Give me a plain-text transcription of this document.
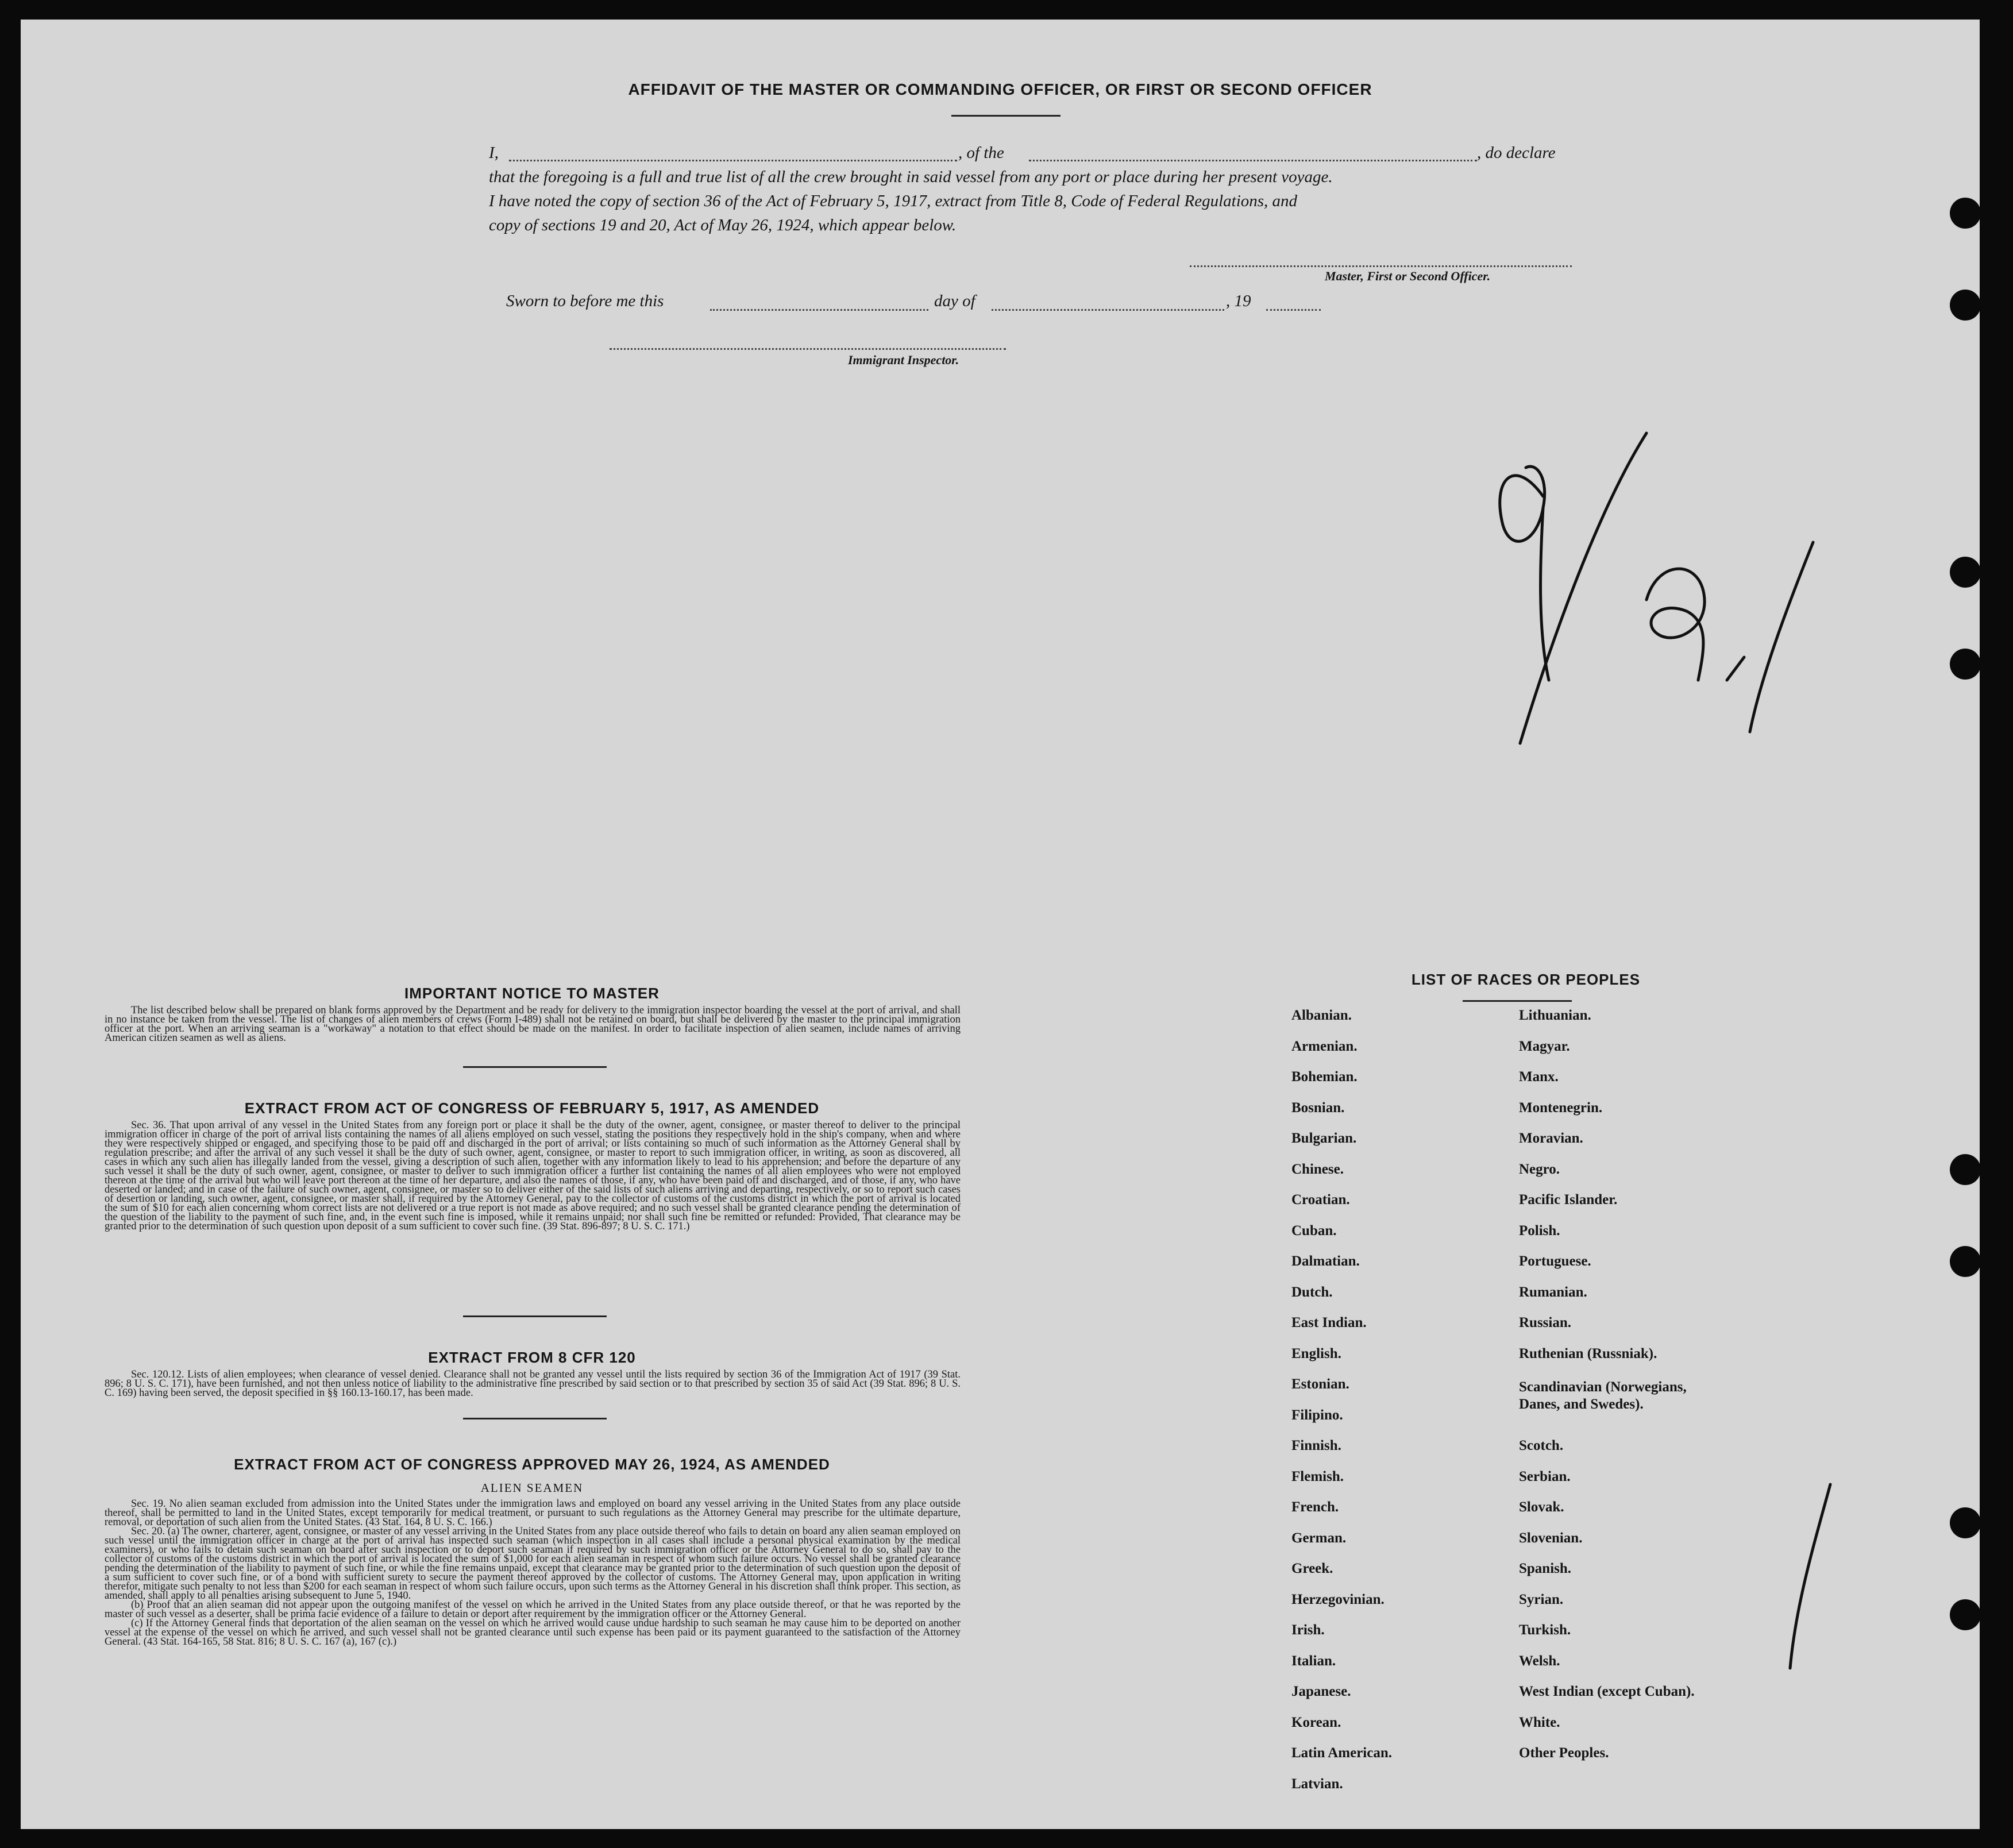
AFFIDAVIT OF THE MASTER OR COMMANDING OFFICER, OR FIRST OR SECOND OFFICER
I,	, of the	, do declare
that the foregoing is a full and true list of all the crew brought in said vessel from any port or place during her present voyage.
I have noted the copy of section 36 of the Act of February 5, 1917, extract from Title 8, Code of Federal Regulations, and
copy of sections 19 and 20, Act of May 26, 1924, which appear below.
Master, First or Second Officer.
Sworn to before me this	day of	, 19
Immigrant Inspector.
IMPORTANT NOTICE TO MASTER

The list described below shall be prepared on blank forms approved by the Department and be ready for delivery to the immigration inspector boarding the vessel at the port of arrival, and shall in no instance be taken from the vessel. The list of changes of alien members of crews (Form I-489) shall not be retained on board, but shall be delivered by the master to the principal immigration officer at the port. When an arriving seaman is a "workaway" a notation to that effect should be made on the manifest. In order to facilitate inspection of alien seamen, include names of arriving American citizen seamen as well as aliens.

EXTRACT FROM ACT OF CONGRESS OF FEBRUARY 5, 1917, AS AMENDED

Sec. 36. That upon arrival of any vessel in the United States from any foreign port or place it shall be the duty of the owner, agent, consignee, or master thereof to deliver to the principal immigration officer in charge of the port of arrival lists containing the names of all aliens employed on such vessel, stating the positions they respectively hold in the ship's company, when and where they were respectively shipped or engaged, and specifying those to be paid off and discharged in the port of arrival; or lists containing so much of such information as the Attorney General shall by regulation prescribe; and after the arrival of any such vessel it shall be the duty of such owner, agent, consignee, or master to report to such immigration officer, in writing, as soon as discovered, all cases in which any such alien has illegally landed from the vessel, giving a description of such alien, together with any information likely to lead to his apprehension; and before the departure of any such vessel it shall be the duty of such owner, agent, consignee, or master to deliver to such immigration officer a further list containing the names of all alien employees who were not employed thereon at the time of the arrival but who will leave port thereon at the time of her departure, and also the names of those, if any, who have been paid off and discharged, and of those, if any, who have deserted or landed; and in case of the failure of such owner, agent, consignee, or master so to deliver either of the said lists of such aliens arriving and departing, respectively, or so to report such cases of desertion or landing, such owner, agent, consignee, or master shall, if required by the Attorney General, pay to the collector of customs of the customs district in which the port of arrival is located the sum of $10 for each alien concerning whom correct lists are not delivered or a true report is not made as above required; and no such vessel shall be granted clearance pending the determination of the question of the liability to the payment of such fine, and, in the event such fine is imposed, while it remains unpaid; nor shall such fine be remitted or refunded: Provided, That clearance may be granted prior to the determination of such question upon deposit of a sum sufficient to cover such fine. (39 Stat. 896-897; 8 U. S. C. 171.)

EXTRACT FROM 8 CFR 120

Sec. 120.12. Lists of alien employees; when clearance of vessel denied. Clearance shall not be granted any vessel until the lists required by section 36 of the Immigration Act of 1917 (39 Stat. 896; 8 U. S. C. 171), have been furnished, and not then unless notice of liability to the administrative fine prescribed by said section or to that prescribed by section 35 of said Act (39 Stat. 896; 8 U. S. C. 169) having been served, the deposit specified in §§ 160.13-160.17, has been made.

EXTRACT FROM ACT OF CONGRESS APPROVED MAY 26, 1924, AS AMENDED
ALIEN SEAMEN

Sec. 19. No alien seaman excluded from admission into the United States under the immigration laws and employed on board any vessel arriving in the United States from any place outside thereof, shall be permitted to land in the United States, except temporarily for medical treatment, or pursuant to such regulations as the Attorney General may prescribe for the ultimate departure, removal, or deportation of such alien from the United States. (43 Stat. 164, 8 U. S. C. 166.)

Sec. 20. (a) The owner, charterer, agent, consignee, or master of any vessel arriving in the United States from any place outside thereof who fails to detain on board any alien seaman employed on such vessel until the immigration officer in charge at the port of arrival has inspected such seaman (which inspection in all cases shall include a personal physical examination by the medical examiners), or who fails to detain such seaman on board after such inspection or to deport such seaman if required by such immigration officer or the Attorney General to do so, shall pay to the collector of customs of the customs district in which the port of arrival is located the sum of $1,000 for each alien seaman in respect of whom such failure occurs. No vessel shall be granted clearance pending the determination of the liability to payment of such fine, or while the fine remains unpaid, except that clearance may be granted prior to the determination of such question upon the deposit of a sum sufficient to cover such fine, or of a bond with sufficient surety to secure the payment thereof approved by the collector of customs. The Attorney General may, upon application in writing therefor, mitigate such penalty to not less than $200 for each seaman in respect of whom such failure occurs, upon such terms as the Attorney General in his discretion shall think proper. This section, as amended, shall apply to all penalties arising subsequent to June 5, 1940.

(b) Proof that an alien seaman did not appear upon the outgoing manifest of the vessel on which he arrived in the United States from any place outside thereof, or that he was reported by the master of such vessel as a deserter, shall be prima facie evidence of a failure to detain or deport after requirement by the immigration officer or the Attorney General.

(c) If the Attorney General finds that deportation of the alien seaman on the vessel on which he arrived would cause undue hardship to such seaman he may cause him to be deported on another vessel at the expense of the vessel on which he arrived, and such vessel shall not be granted clearance until such expense has been paid or its payment guaranteed to the satisfaction of the Attorney General. (43 Stat. 164-165, 58 Stat. 816; 8 U. S. C. 167 (a), 167 (c).)

LIST OF RACES OR PEOPLES
Albanian.
Armenian.
Bohemian.
Bosnian.
Bulgarian.
Chinese.
Croatian.
Cuban.
Dalmatian.
Dutch.
East Indian.
English.
Estonian.
Filipino.
Finnish.
Flemish.
French.
German.
Greek.
Herzegovinian.
Irish.
Italian.
Japanese.
Korean.
Latin American.
Latvian.
Lithuanian.
Magyar.
Manx.
Montenegrin.
Moravian.
Negro.
Pacific Islander.
Polish.
Portuguese.
Rumanian.
Russian.
Ruthenian (Russniak).
Scandinavian (Norwegians, Danes, and Swedes).
Scotch.
Serbian.
Slovak.
Slovenian.
Spanish.
Syrian.
Turkish.
Welsh.
West Indian (except Cuban).
White.
Other Peoples.
